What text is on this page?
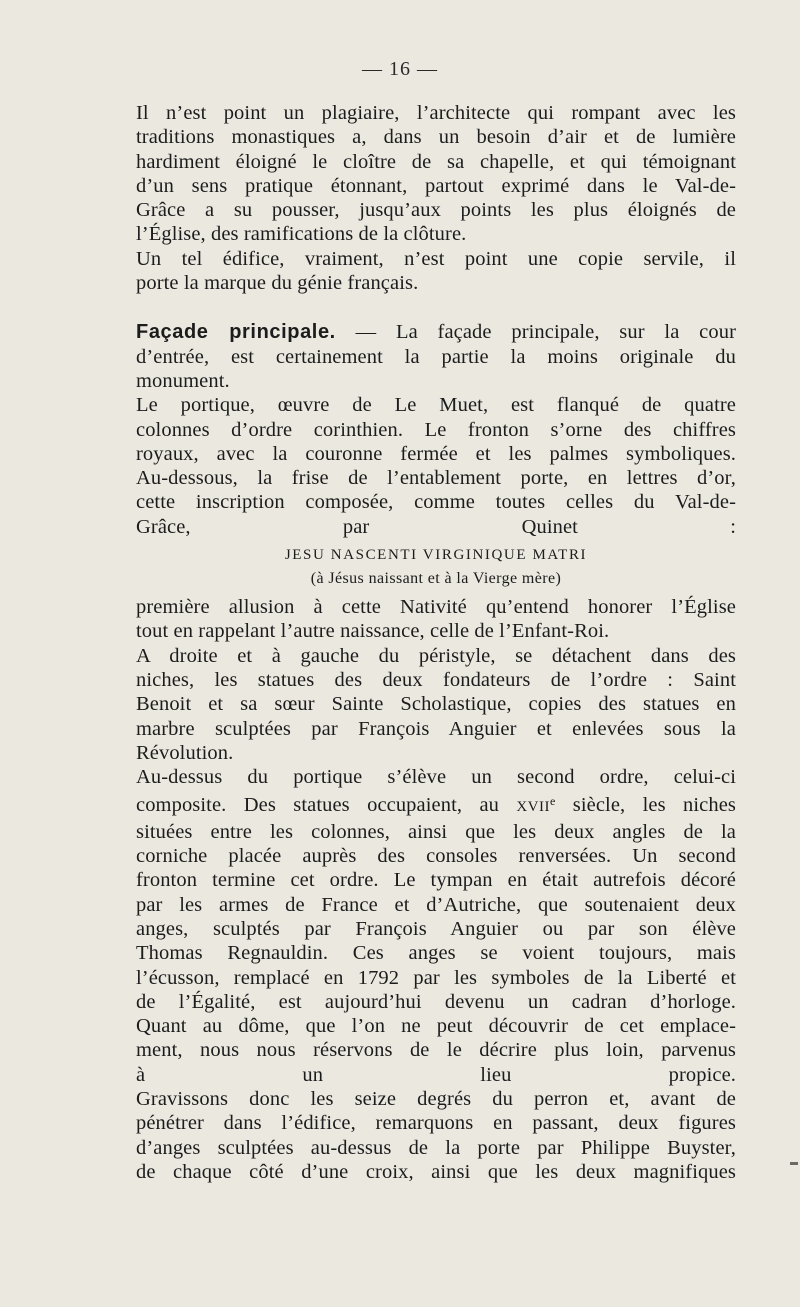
— 16 —
Il n’est point un plagiaire, l’architecte qui rompant avec les
traditions monastiques a, dans un besoin d’air et de lumière
hardiment éloigné le cloître de sa chapelle, et qui témoignant
d’un sens pratique étonnant, partout exprimé dans le Val-de-
Grâce a su pousser, jusqu’aux points les plus éloignés de
l’Église, des ramifications de la clôture.
Un tel édifice, vraiment, n’est point une copie servile, il
porte la marque du génie français.
Façade principale. — La façade principale, sur la cour
d’entrée, est certainement la partie la moins originale du
monument.
Le portique, œuvre de Le Muet, est flanqué de quatre
colonnes d’ordre corinthien. Le fronton s’orne des chiffres
royaux, avec la couronne fermée et les palmes symboliques.
Au-dessous, la frise de l’entablement porte, en lettres d’or,
cette inscription composée, comme toutes celles du Val-de-
Grâce, par Quinet :
JESU NASCENTI VIRGINIQUE MATRI
(à Jésus naissant et à la Vierge mère)
première allusion à cette Nativité qu’entend honorer l’Église
tout en rappelant l’autre naissance, celle de l’Enfant-Roi.
A droite et à gauche du péristyle, se détachent dans des
niches, les statues des deux fondateurs de l’ordre : Saint
Benoit et sa sœur Sainte Scholastique, copies des statues en
marbre sculptées par François Anguier et enlevées sous la
Révolution.
Au-dessus du portique s’élève un second ordre, celui-ci
composite. Des statues occupaient, au XVIIe siècle, les niches
situées entre les colonnes, ainsi que les deux angles de la
corniche placée auprès des consoles renversées. Un second
fronton termine cet ordre. Le tympan en était autrefois décoré
par les armes de France et d’Autriche, que soutenaient deux
anges, sculptés par François Anguier ou par son élève
Thomas Regnauldin. Ces anges se voient toujours, mais
l’écusson, remplacé en 1792 par les symboles de la Liberté et
de l’Égalité, est aujourd’hui devenu un cadran d’horloge.
Quant au dôme, que l’on ne peut découvrir de cet emplace-
ment, nous nous réservons de le décrire plus loin, parvenus
à un lieu propice.
Gravissons donc les seize degrés du perron et, avant de
pénétrer dans l’édifice, remarquons en passant, deux figures
d’anges sculptées au-dessus de la porte par Philippe Buyster,
de chaque côté d’une croix, ainsi que les deux magnifiques
